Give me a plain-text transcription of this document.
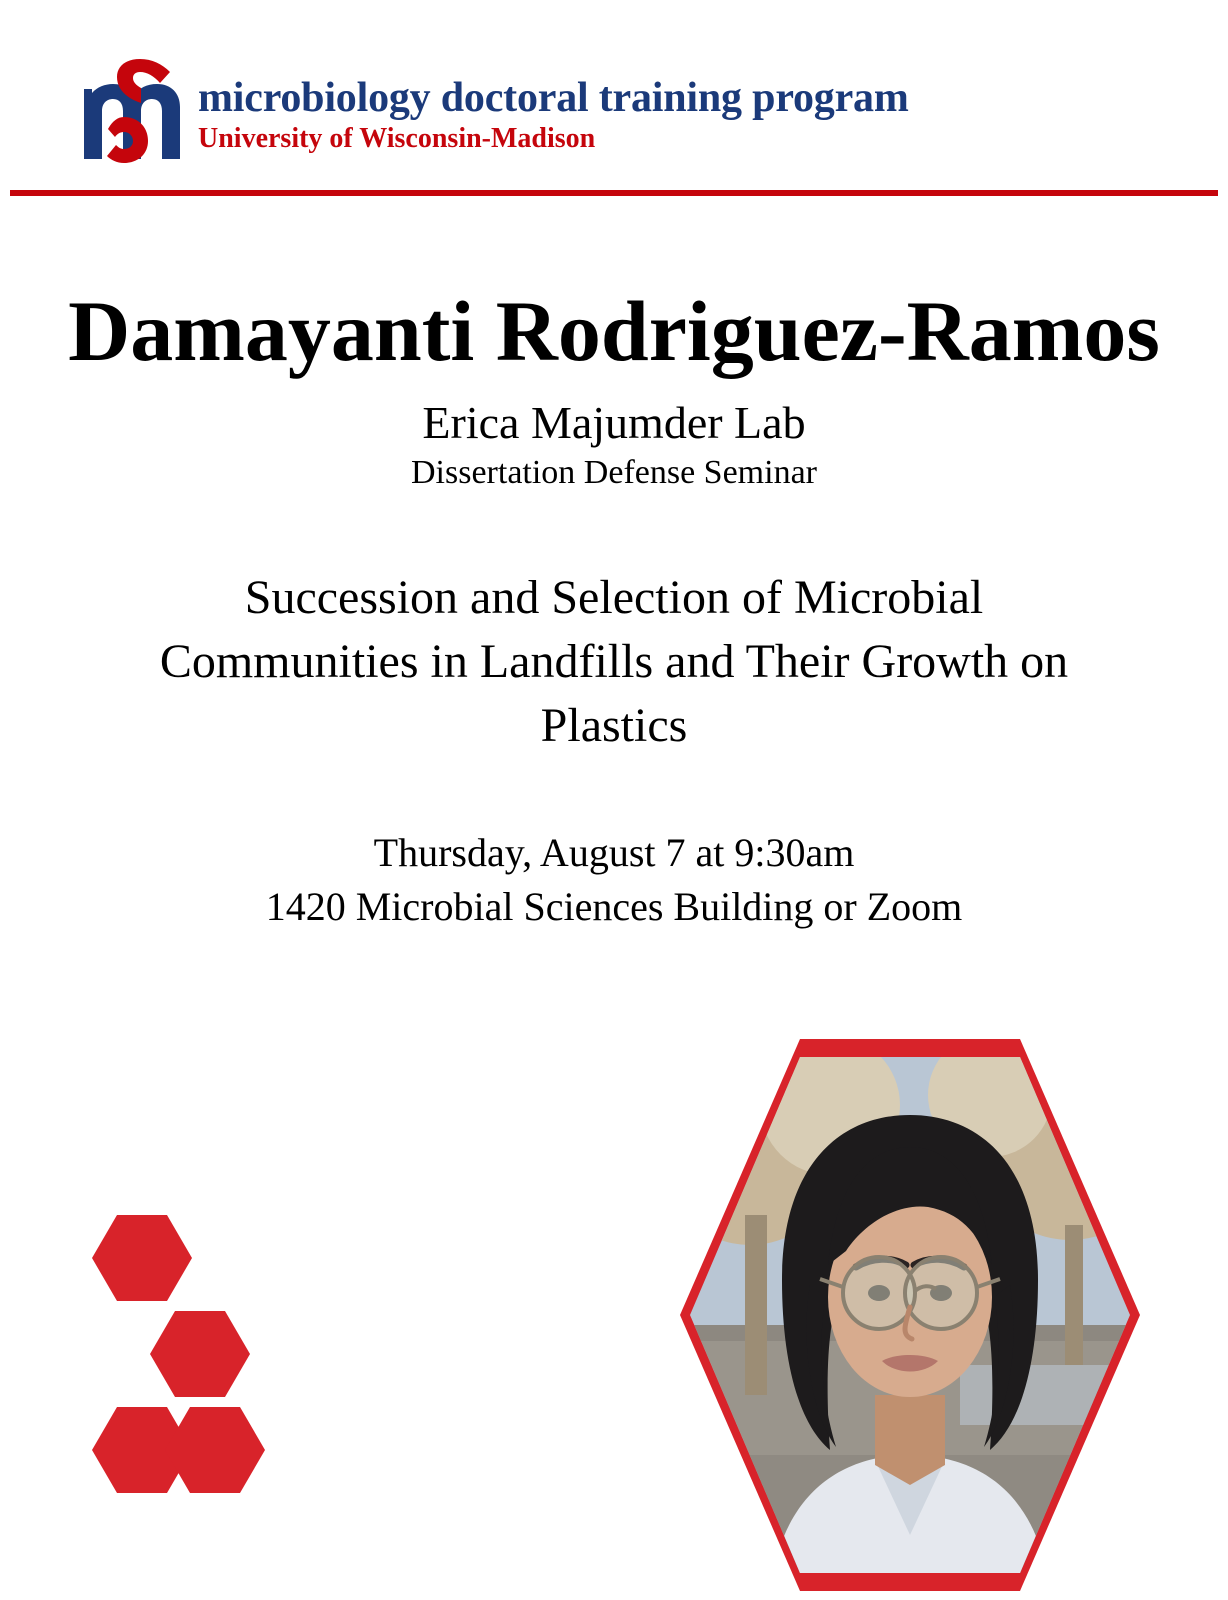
microbiology doctoral training program
University of Wisconsin-Madison
Damayanti Rodriguez-Ramos
Erica Majumder Lab
Dissertation Defense Seminar
Succession and Selection of Microbial Communities in Landfills and Their Growth on Plastics
Thursday, August 7 at 9:30am
1420 Microbial Sciences Building or Zoom
